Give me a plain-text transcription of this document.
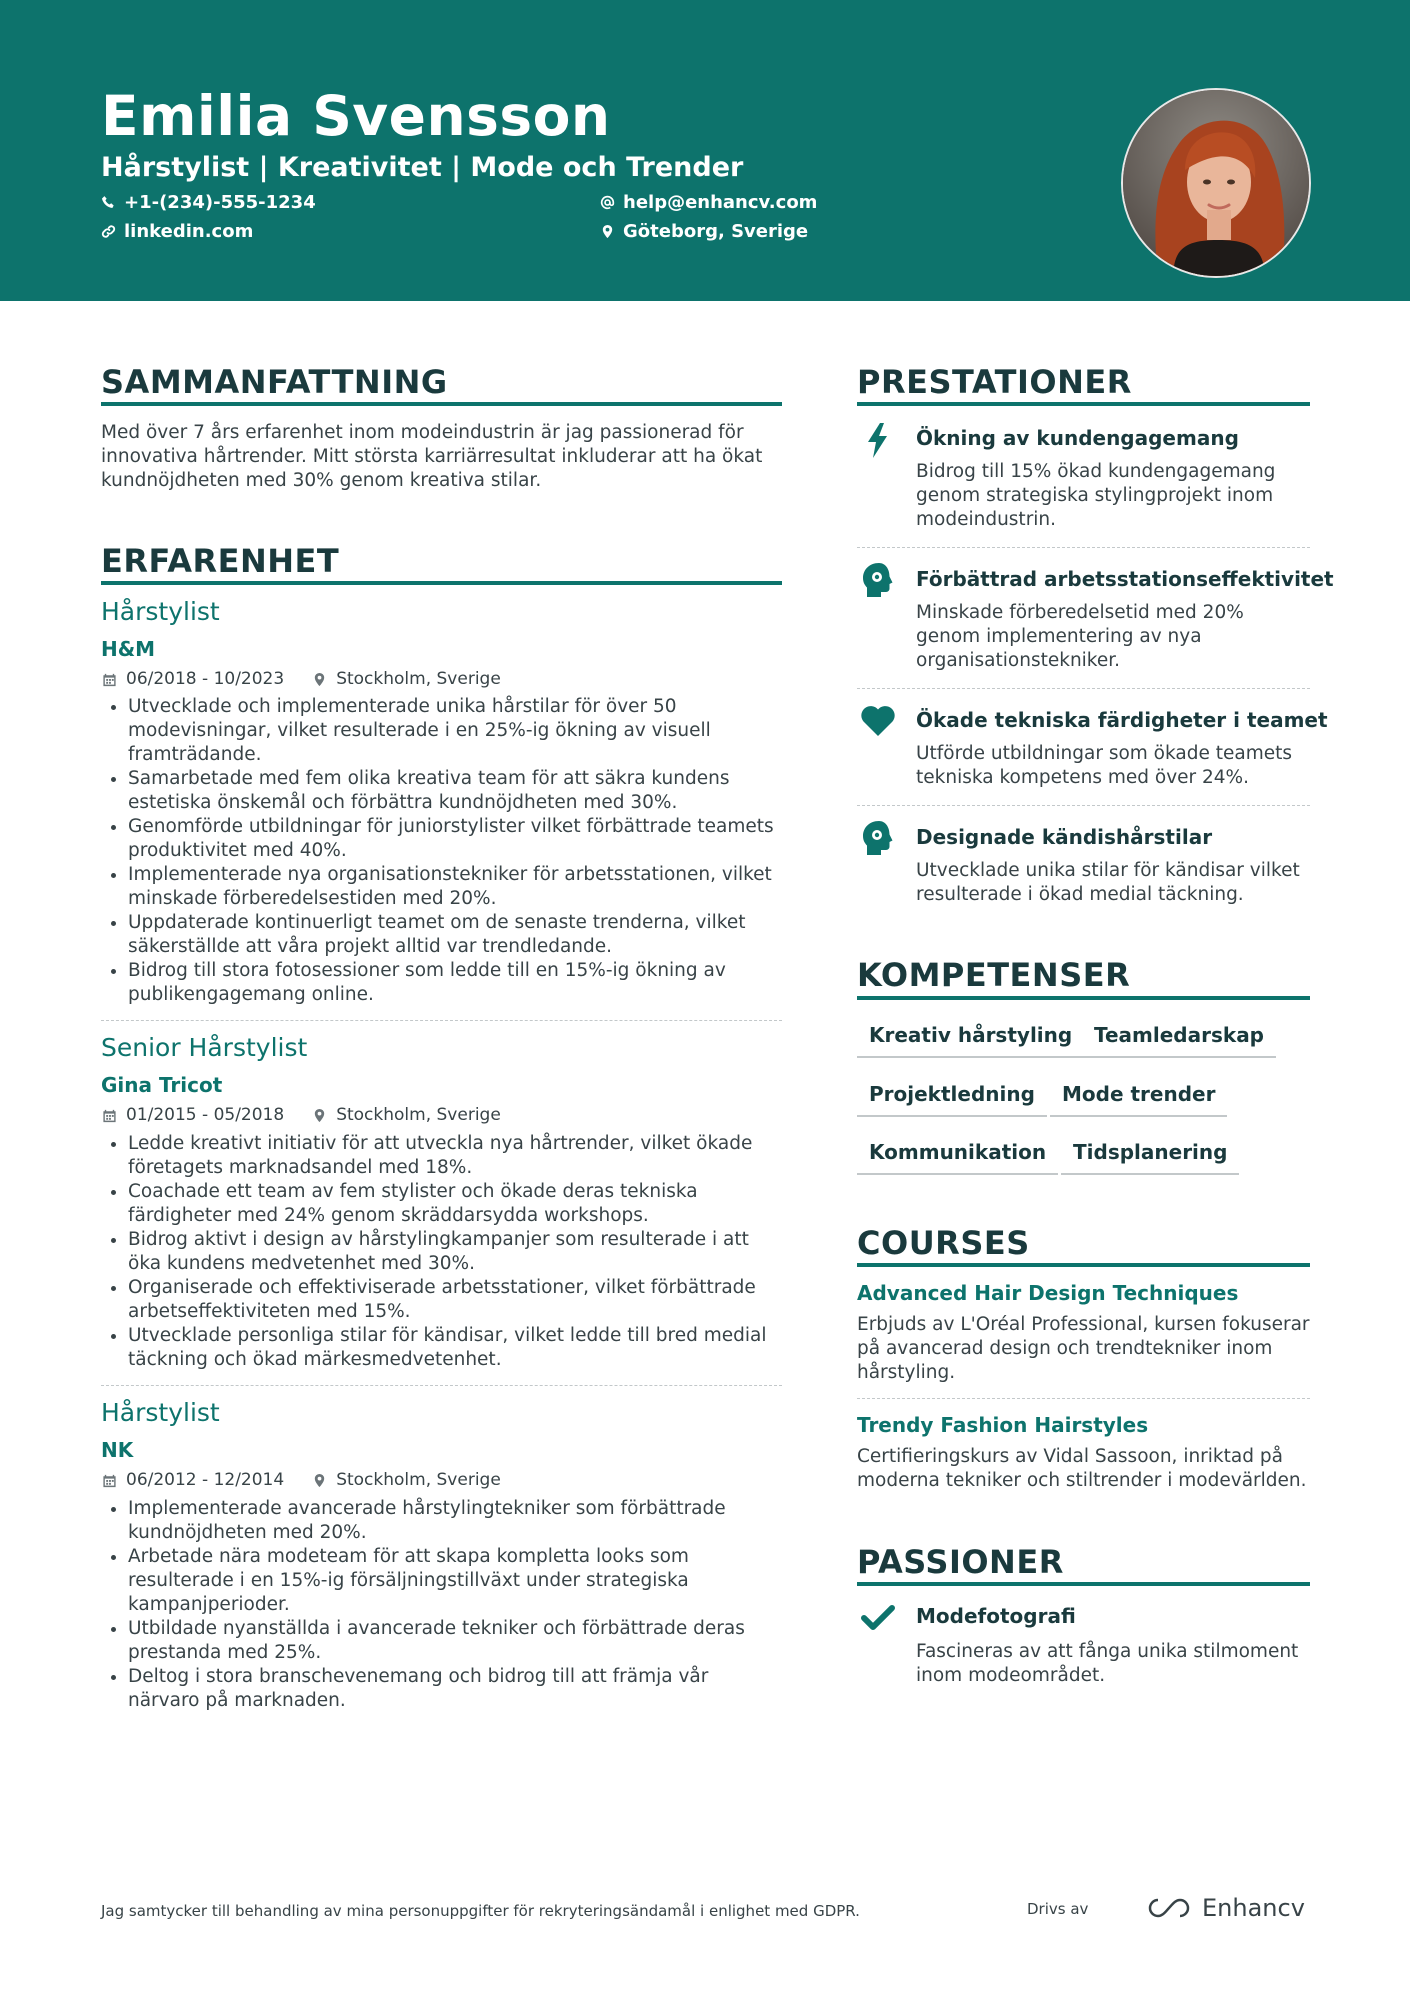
Emilia Svensson
Hårstylist | Kreativitet | Mode och Trender
+1-(234)-555-1234
linkedin.com
help@enhancv.com
Göteborg, Sverige
SAMMANFATTNING
Med över 7 års erfarenhet inom modeindustrin är jag passionerad för innovativa hårtrender. Mitt största karriärresultat inkluderar att ha ökat kundnöjdheten med 30% genom kreativa stilar.
ERFARENHET
Hårstylist
H&M
06/2018 - 10/2023	Stockholm, Sverige
Utvecklade och implementerade unika hårstilar för över 50 modevisningar, vilket resulterade i en 25%-ig ökning av visuell framträdande.
Samarbetade med fem olika kreativa team för att säkra kundens estetiska önskemål och förbättra kundnöjdheten med 30%.
Genomförde utbildningar för juniorstylister vilket förbättrade teamets produktivitet med 40%.
Implementerade nya organisationstekniker för arbetsstationen, vilket minskade förberedelsestiden med 20%.
Uppdaterade kontinuerligt teamet om de senaste trenderna, vilket säkerställde att våra projekt alltid var trendledande.
Bidrog till stora fotosessioner som ledde till en 15%-ig ökning av publikengagemang online.
Senior Hårstylist
Gina Tricot
01/2015 - 05/2018	Stockholm, Sverige
Ledde kreativt initiativ för att utveckla nya hårtrender, vilket ökade företagets marknadsandel med 18%.
Coachade ett team av fem stylister och ökade deras tekniska färdigheter med 24% genom skräddarsydda workshops.
Bidrog aktivt i design av hårstylingkampanjer som resulterade i att öka kundens medvetenhet med 30%.
Organiserade och effektiviserade arbetsstationer, vilket förbättrade arbetseffektiviteten med 15%.
Utvecklade personliga stilar för kändisar, vilket ledde till bred medial täckning och ökad märkesmedvetenhet.
Hårstylist
NK
06/2012 - 12/2014	Stockholm, Sverige
Implementerade avancerade hårstylingtekniker som förbättrade kundnöjdheten med 20%.
Arbetade nära modeteam för att skapa kompletta looks som resulterade i en 15%-ig försäljningstillväxt under strategiska kampanjperioder.
Utbildade nyanställda i avancerade tekniker och förbättrade deras prestanda med 25%.
Deltog i stora branschevenemang och bidrog till att främja vår närvaro på marknaden.
PRESTATIONER
Ökning av kundengagemang
Bidrog till 15% ökad kundengagemang genom strategiska stylingprojekt inom modeindustrin.
Förbättrad arbetsstationseffektivitet
Minskade förberedelsetid med 20% genom implementering av nya organisationstekniker.
Ökade tekniska färdigheter i teamet
Utförde utbildningar som ökade teamets tekniska kompetens med över 24%.
Designade kändishårstilar
Utvecklade unika stilar för kändisar vilket resulterade i ökad medial täckning.
KOMPETENSER
Kreativ hårstyling	Teamledarskap
Projektledning	Mode trender
Kommunikation	Tidsplanering
COURSES
Advanced Hair Design Techniques
Erbjuds av L'Oréal Professional, kursen fokuserar på avancerad design och trendtekniker inom hårstyling.
Trendy Fashion Hairstyles
Certifieringskurs av Vidal Sassoon, inriktad på moderna tekniker och stiltrender i modevärlden.
PASSIONER
Modefotografi
Fascineras av att fånga unika stilmoment inom modeområdet.
Jag samtycker till behandling av mina personuppgifter för rekryteringsändamål i enlighet med GDPR.	Drivs av	Enhancv
